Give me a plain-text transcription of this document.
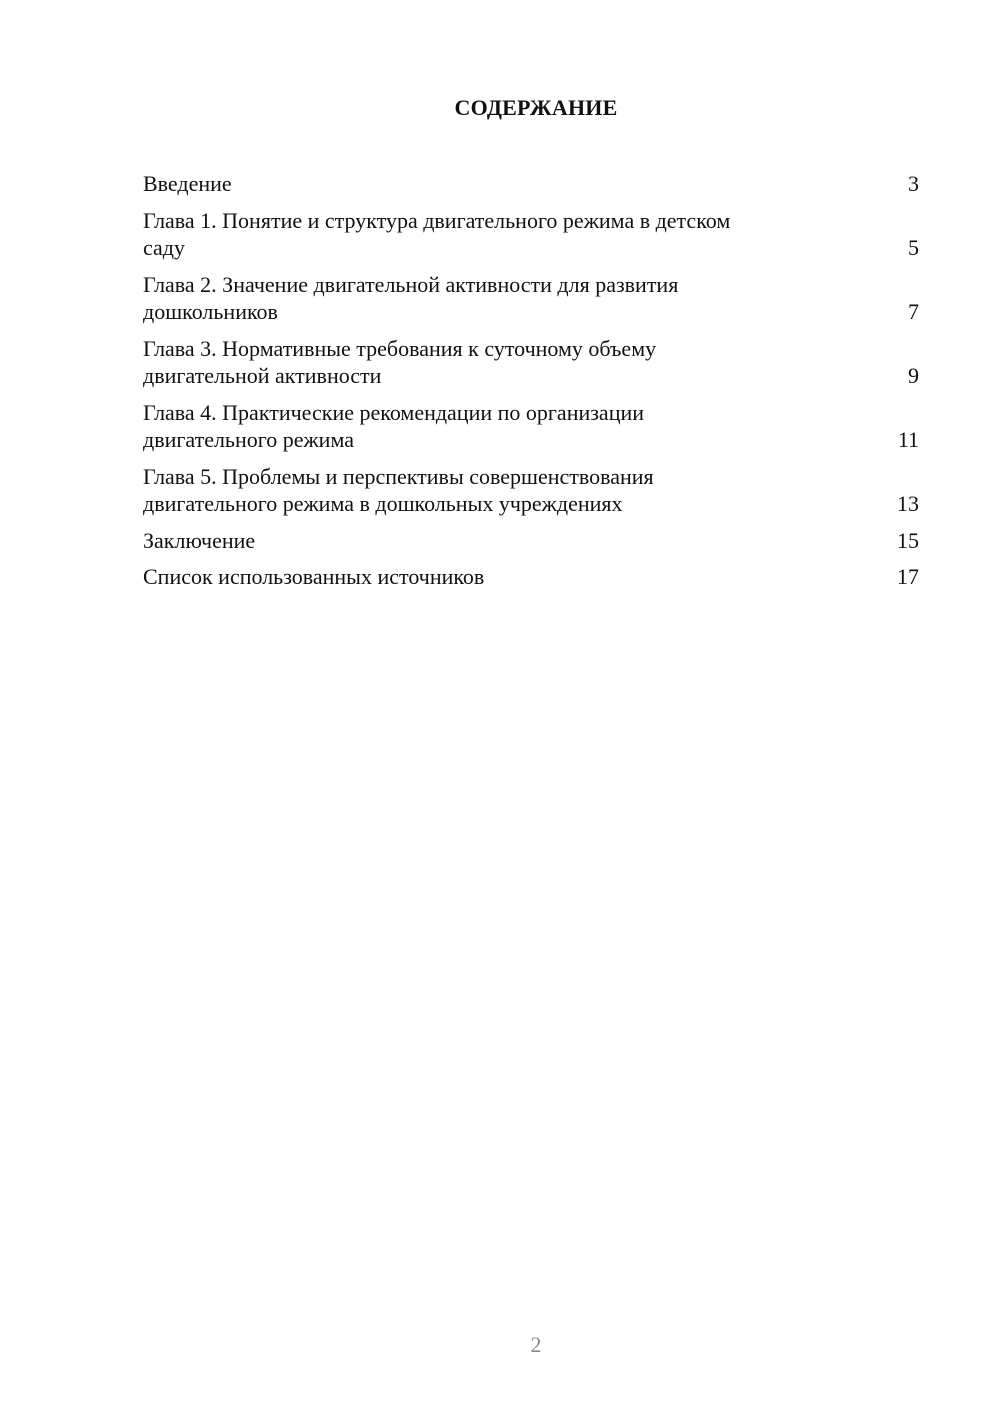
СОДЕРЖАНИЕ
Введение	3
Глава 1. Понятие и структура двигательного режима в детском
саду	5
Глава 2. Значение двигательной активности для развития
дошкольников	7
Глава 3. Нормативные требования к суточному объему
двигательной активности	9
Глава 4. Практические рекомендации по организации
двигательного режима	11
Глава 5. Проблемы и перспективы совершенствования
двигательного режима в дошкольных учреждениях	13
Заключение	15
Список использованных источников	17
2
